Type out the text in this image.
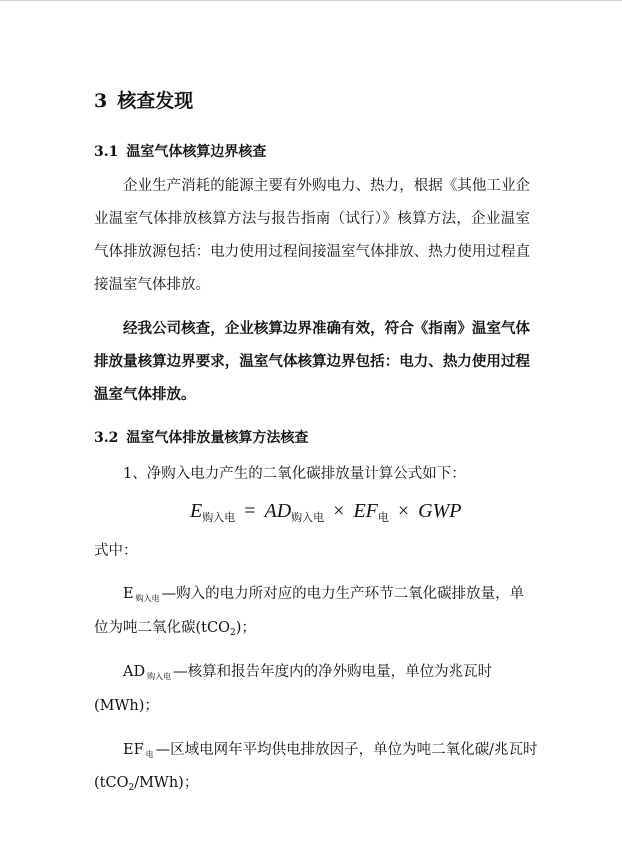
3 核查发现
3.1 温室气体核算边界核查
企业生产消耗的能源主要有外购电力、热力，根据《其他工业企业温室气体排放核算方法与报告指南（试行）》核算方法，企业温室气体排放源包括：电力使用过程间接温室气体排放、热力使用过程直接温室气体排放。
经我公司核查，企业核算边界准确有效，符合《指南》温室气体排放量核算边界要求，温室气体核算边界包括：电力、热力使用过程温室气体排放。
3.2 温室气体排放量核算方法核查
1、净购入电力产生的二氧化碳排放量计算公式如下：
$E_{购入电} = AD_{购入电} \times EF_电$ × GWP
式中：
E $_{购入电}$ —购入的电力所对应的电力生产环节二氧化碳排放量，单
位为吨二氧化碳(tCO$_2$)；
AD $_{购入电}$ —核算和报告年度内的净外购电量，单位为兆瓦时
(MWh)；
EF $_电$ —区域电网年平均供电排放因子，单位为吨二氧化碳/兆瓦时
(tCO$_2$/MWh)；
